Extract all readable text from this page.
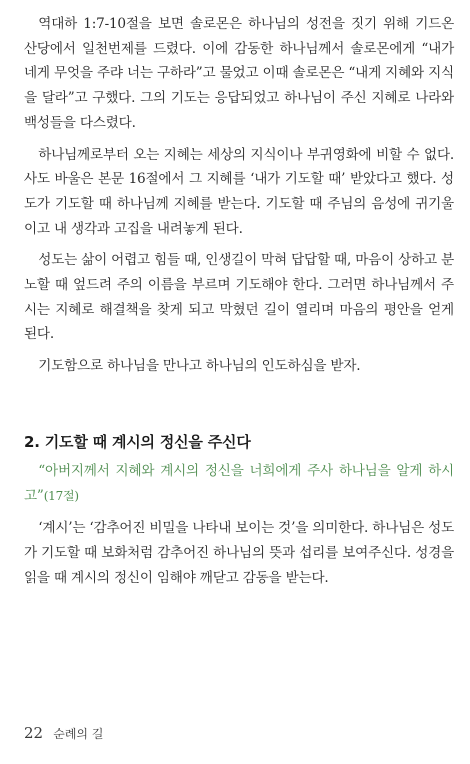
역대하 1:7-10절을 보면 솔로몬은 하나님의 성전을 짓기 위해 기드온 산당에서 일천번제를 드렸다. 이에 감동한 하나님께서 솔로몬에게 “내가 네게 무엇을 주랴 너는 구하라”고 물었고 이때 솔로몬은 “내게 지혜와 지식을 달라”고 구했다. 그의 기도는 응답되었고 하나님이 주신 지혜로 나라와 백성들을 다스렸다.

하나님께로부터 오는 지혜는 세상의 지식이나 부귀영화에 비할 수 없다. 사도 바울은 본문 16절에서 그 지혜를 ‘내가 기도할 때’ 받았다고 했다. 성도가 기도할 때 하나님께 지혜를 받는다. 기도할 때 주님의 음성에 귀기울이고 내 생각과 고집을 내려놓게 된다.

성도는 삶이 어렵고 힘들 때, 인생길이 막혀 답답할 때, 마음이 상하고 분노할 때 엎드려 주의 이름을 부르며 기도해야 한다. 그러면 하나님께서 주시는 지혜로 해결책을 찾게 되고 막혔던 길이 열리며 마음의 평안을 얻게 된다.

기도함으로 하나님을 만나고 하나님의 인도하심을 받자.

2. 기도할 때 계시의 정신을 주신다

“아버지께서 지혜와 계시의 정신을 너희에게 주사 하나님을 알게 하시고”(17절)

‘계시’는 ‘감추어진 비밀을 나타내 보이는 것’을 의미한다. 하나님은 성도가 기도할 때 보화처럼 감추어진 하나님의 뜻과 섭리를 보여주신다. 성경을 읽을 때 계시의 정신이 임해야 깨닫고 감동을 받는다.

22 순례의 길
